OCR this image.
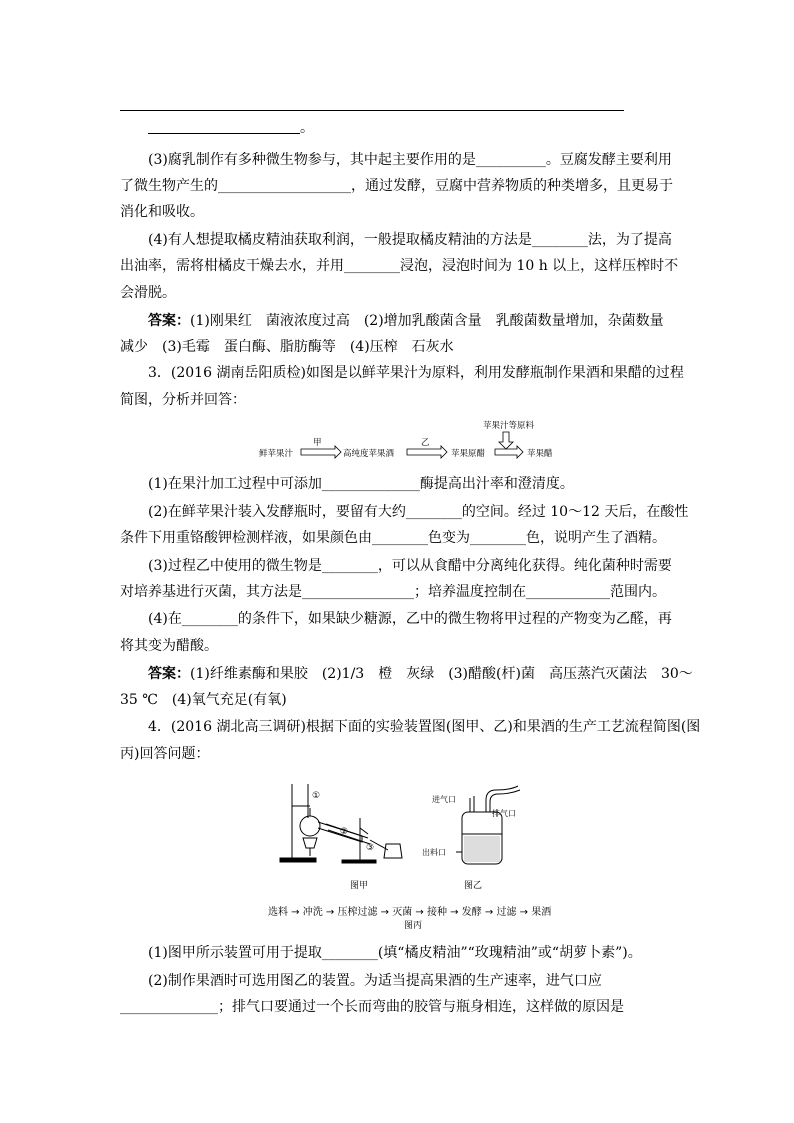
。
(3)腐乳制作有多种微生物参与，其中起主要作用的是__________。豆腐发酵主要利用
了微生物产生的___________________，通过发酵，豆腐中营养物质的种类增多，且更易于
消化和吸收。
(4)有人想提取橘皮精油获取利润，一般提取橘皮精油的方法是________法，为了提高
出油率，需将柑橘皮干燥去水，并用________浸泡，浸泡时间为 10 h 以上，这样压榨时不
会滑脱。
答案：(1)刚果红　菌液浓度过高　(2)增加乳酸菌含量　乳酸菌数量增加，杂菌数量
减少　(3)毛霉　蛋白酶、脂肪酶等　(4)压榨　石灰水
3．(2016 湖南岳阳质检)如图是以鲜苹果汁为原料，利用发酵瓶制作果酒和果醋的过程
简图，分析并回答：
苹果汁等原料
鲜苹果汁
甲
高纯度苹果酒
乙
苹果原醋	苹果醋
(1)在果汁加工过程中可添加______________酶提高出汁率和澄清度。
(2)在鲜苹果汁装入发酵瓶时，要留有大约________的空间。经过 10～12 天后，在酸性
条件下用重铬酸钾检测样液，如果颜色由________色变为________色，说明产生了酒精。
(3)过程乙中使用的微生物是________，可以从食醋中分离纯化获得。纯化菌种时需要
对培养基进行灭菌，其方法是________________；培养温度控制在____________范围内。
(4)在________的条件下，如果缺少糖源，乙中的微生物将甲过程的产物变为乙醛，再
将其变为醋酸。
答案：(1)纤维素酶和果胶　(2)1/3　橙　灰绿　(3)醋酸(杆)菌　高压蒸汽灭菌法　30～
35 ℃　(4)氧气充足(有氧)
4．(2016 湖北高三调研)根据下面的实验装置图(图甲、乙)和果酒的生产工艺流程简图(图
丙)回答问题：
①
②
③
进气口
排气口
出料口
图甲	图乙
图丙
选料 → 冲洗 → 压榨过滤 → 灭菌 → 接种 → 发酵 → 过滤 → 果酒
(1)图甲所示装置可用于提取________(填“橘皮精油”“玫瑰精油”或“胡萝卜素”)。
(2)制作果酒时可选用图乙的装置。为适当提高果酒的生产速率，进气口应
______________；排气口要通过一个长而弯曲的胶管与瓶身相连，这样做的原因是
